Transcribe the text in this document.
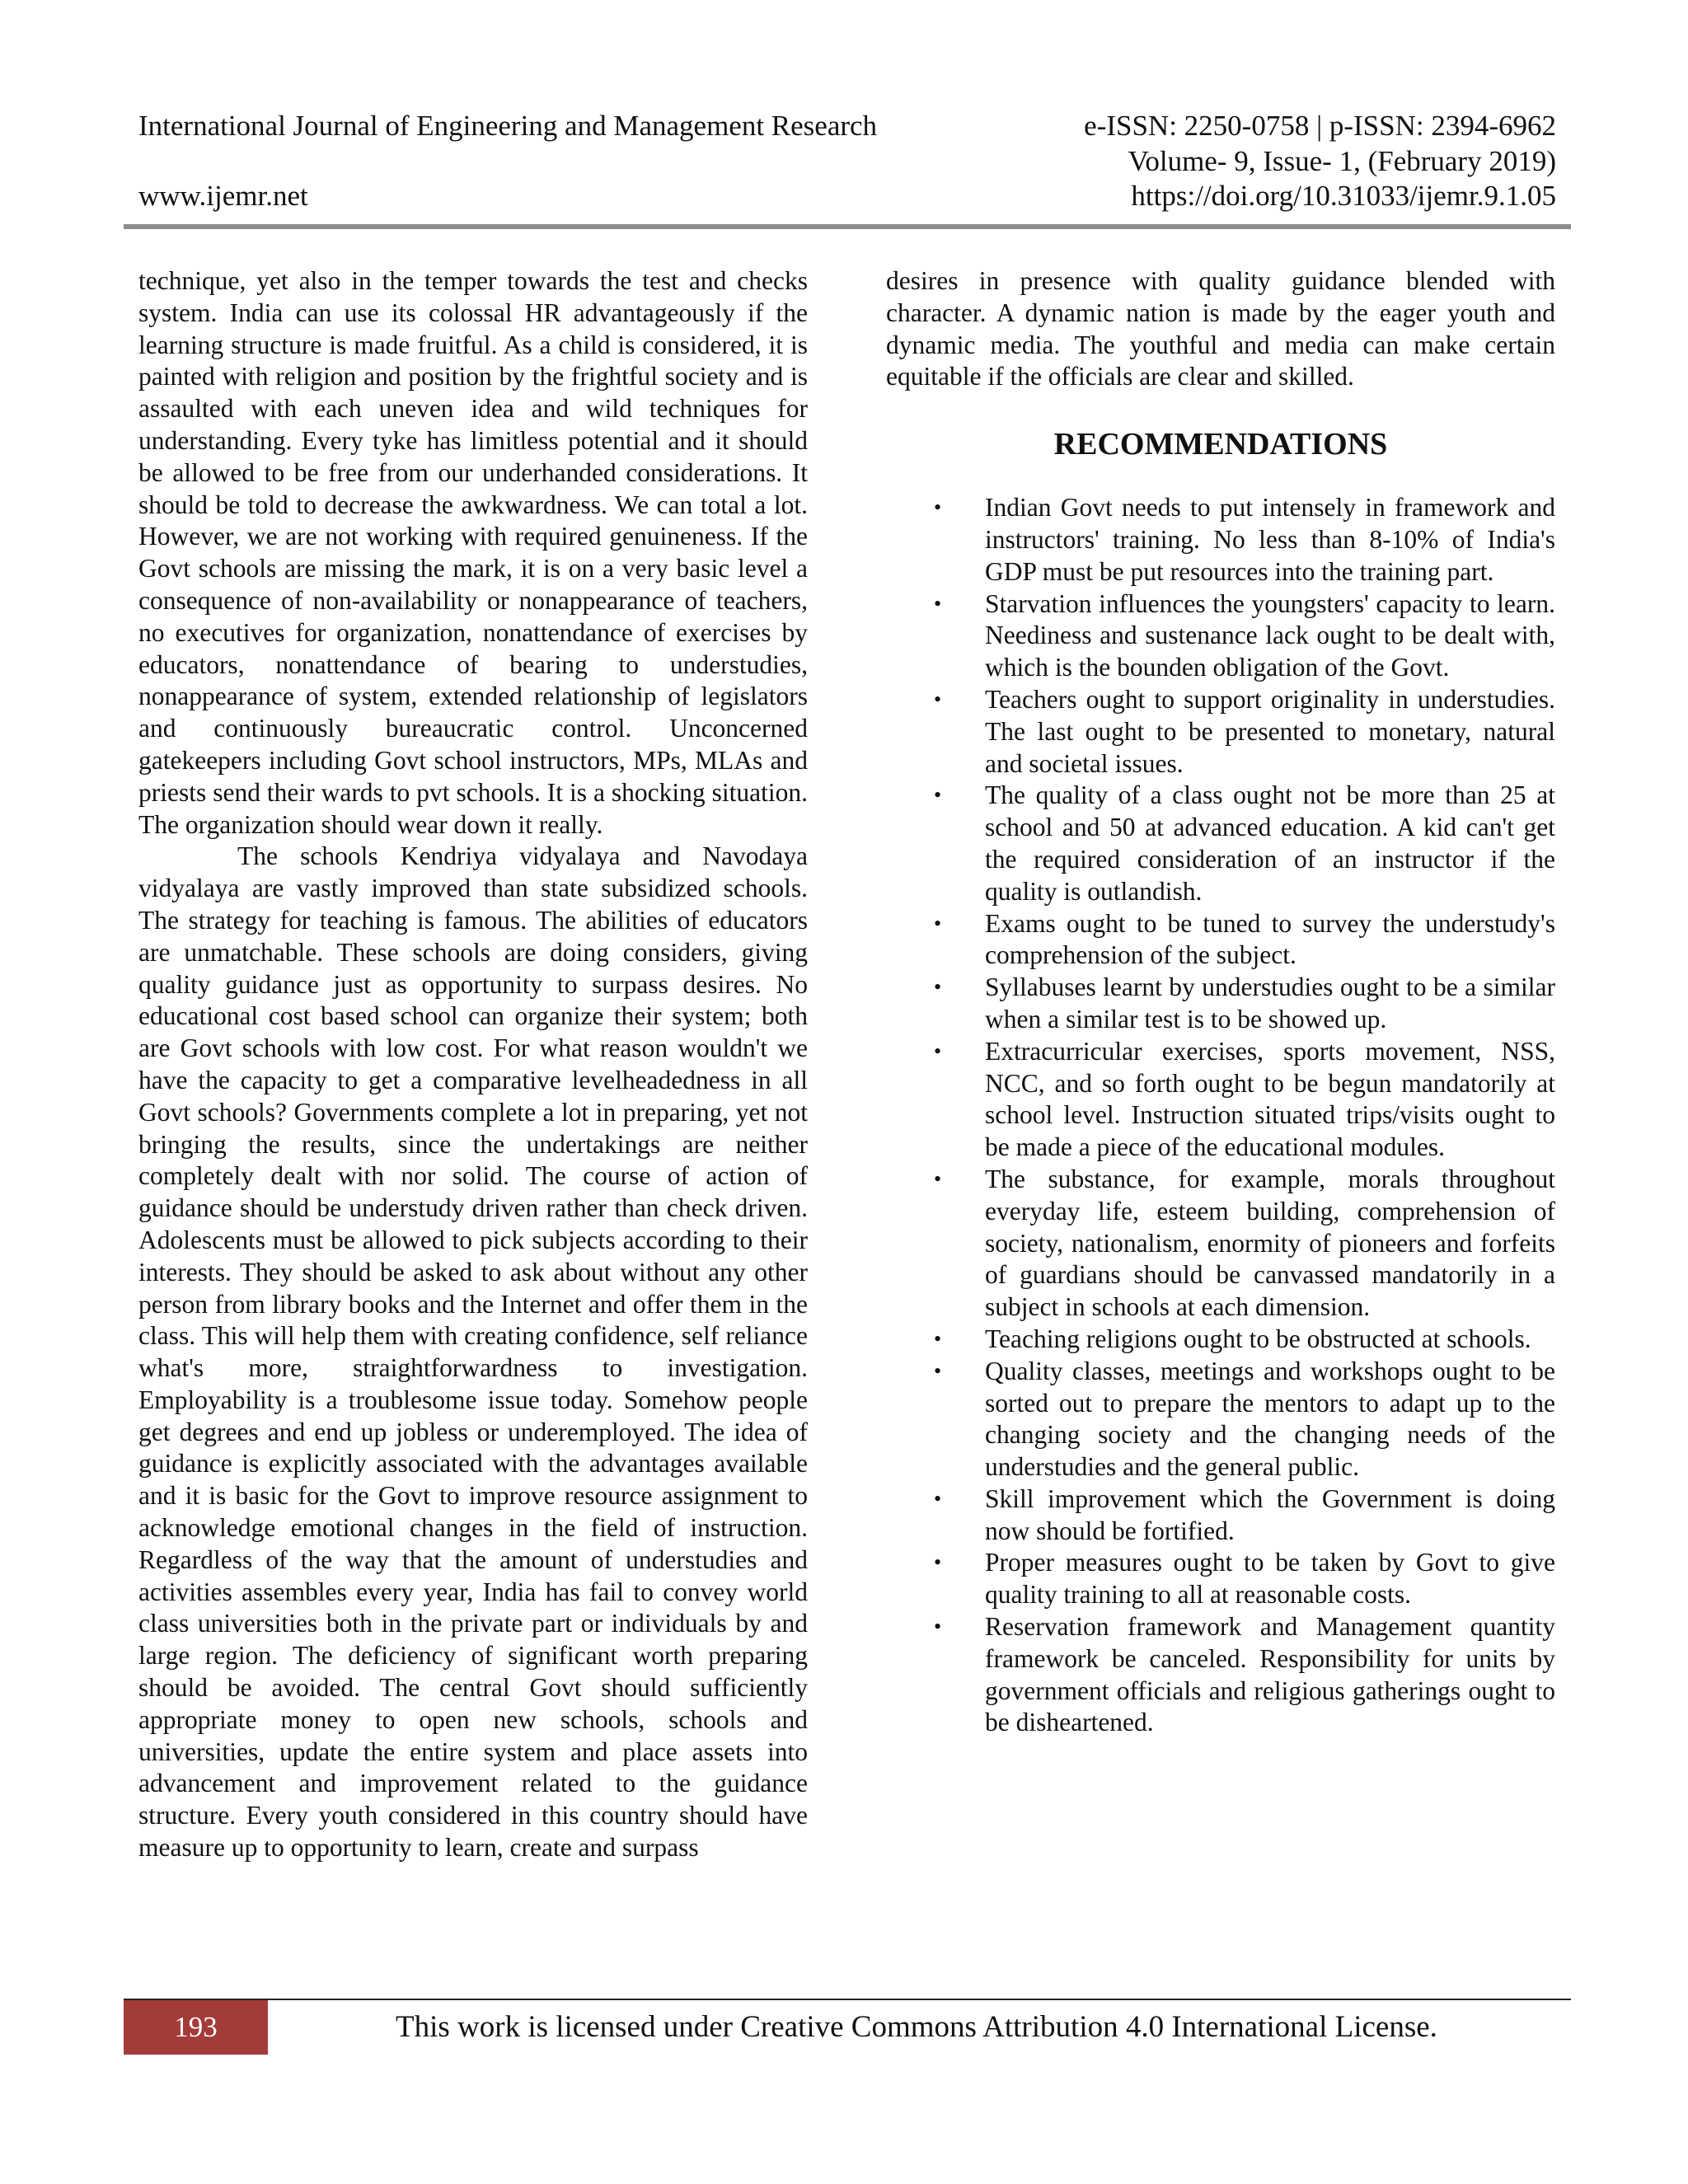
International Journal of Engineering and Management Research	e-ISSN: 2250-0758 | p-ISSN: 2394-6962
Volume- 9, Issue- 1, (February 2019)
www.ijemr.net	https://doi.org/10.31033/ijemr.9.1.05

technique, yet also in the temper towards the test and checks system. India can use its colossal HR advantageously if the learning structure is made fruitful. As a child is considered, it is painted with religion and position by the frightful society and is assaulted with each uneven idea and wild techniques for understanding. Every tyke has limitless potential and it should be allowed to be free from our underhanded considerations. It should be told to decrease the awkwardness. We can total a lot. However, we are not working with required genuineness. If the Govt schools are missing the mark, it is on a very basic level a consequence of non-availability or nonappearance of teachers, no executives for organization, nonattendance of exercises by educators, nonattendance of bearing to understudies, nonappearance of system, extended relationship of legislators and continuously bureaucratic control. Unconcerned gatekeepers including Govt school instructors, MPs, MLAs and priests send their wards to pvt schools. It is a shocking situation. The organization should wear down it really.

The schools Kendriya vidyalaya and Navodaya vidyalaya are vastly improved than state subsidized schools. The strategy for teaching is famous. The abilities of educators are unmatchable. These schools are doing considers, giving quality guidance just as opportunity to surpass desires. No educational cost based school can organize their system; both are Govt schools with low cost. For what reason wouldn't we have the capacity to get a comparative levelheadedness in all Govt schools? Governments complete a lot in preparing, yet not bringing the results, since the undertakings are neither completely dealt with nor solid. The course of action of guidance should be understudy driven rather than check driven. Adolescents must be allowed to pick subjects according to their interests. They should be asked to ask about without any other person from library books and the Internet and offer them in the class. This will help them with creating confidence, self reliance what's more, straightforwardness to investigation. Employability is a troublesome issue today. Somehow people get degrees and end up jobless or underemployed. The idea of guidance is explicitly associated with the advantages available and it is basic for the Govt to improve resource assignment to acknowledge emotional changes in the field of instruction. Regardless of the way that the amount of understudies and activities assembles every year, India has fail to convey world class universities both in the private part or individuals by and large region. The deficiency of significant worth preparing should be avoided. The central Govt should sufficiently appropriate money to open new schools, schools and universities, update the entire system and place assets into advancement and improvement related to the guidance structure. Every youth considered in this country should have measure up to opportunity to learn, create and surpass

desires in presence with quality guidance blended with character. A dynamic nation is made by the eager youth and dynamic media. The youthful and media can make certain equitable if the officials are clear and skilled.

RECOMMENDATIONS

• Indian Govt needs to put intensely in framework and instructors' training. No less than 8-10% of India's GDP must be put resources into the training part.
• Starvation influences the youngsters' capacity to learn. Neediness and sustenance lack ought to be dealt with, which is the bounden obligation of the Govt.
• Teachers ought to support originality in understudies. The last ought to be presented to monetary, natural and societal issues.
• The quality of a class ought not be more than 25 at school and 50 at advanced education. A kid can't get the required consideration of an instructor if the quality is outlandish.
• Exams ought to be tuned to survey the understudy's comprehension of the subject.
• Syllabuses learnt by understudies ought to be a similar when a similar test is to be showed up.
• Extracurricular exercises, sports movement, NSS, NCC, and so forth ought to be begun mandatorily at school level. Instruction situated trips/visits ought to be made a piece of the educational modules.
• The substance, for example, morals throughout everyday life, esteem building, comprehension of society, nationalism, enormity of pioneers and forfeits of guardians should be canvassed mandatorily in a subject in schools at each dimension.
• Teaching religions ought to be obstructed at schools.
• Quality classes, meetings and workshops ought to be sorted out to prepare the mentors to adapt up to the changing society and the changing needs of the understudies and the general public.
• Skill improvement which the Government is doing now should be fortified.
• Proper measures ought to be taken by Govt to give quality training to all at reasonable costs.
• Reservation framework and Management quantity framework be canceled. Responsibility for units by government officials and religious gatherings ought to be disheartened.
193	This work is licensed under Creative Commons Attribution 4.0 International License.
